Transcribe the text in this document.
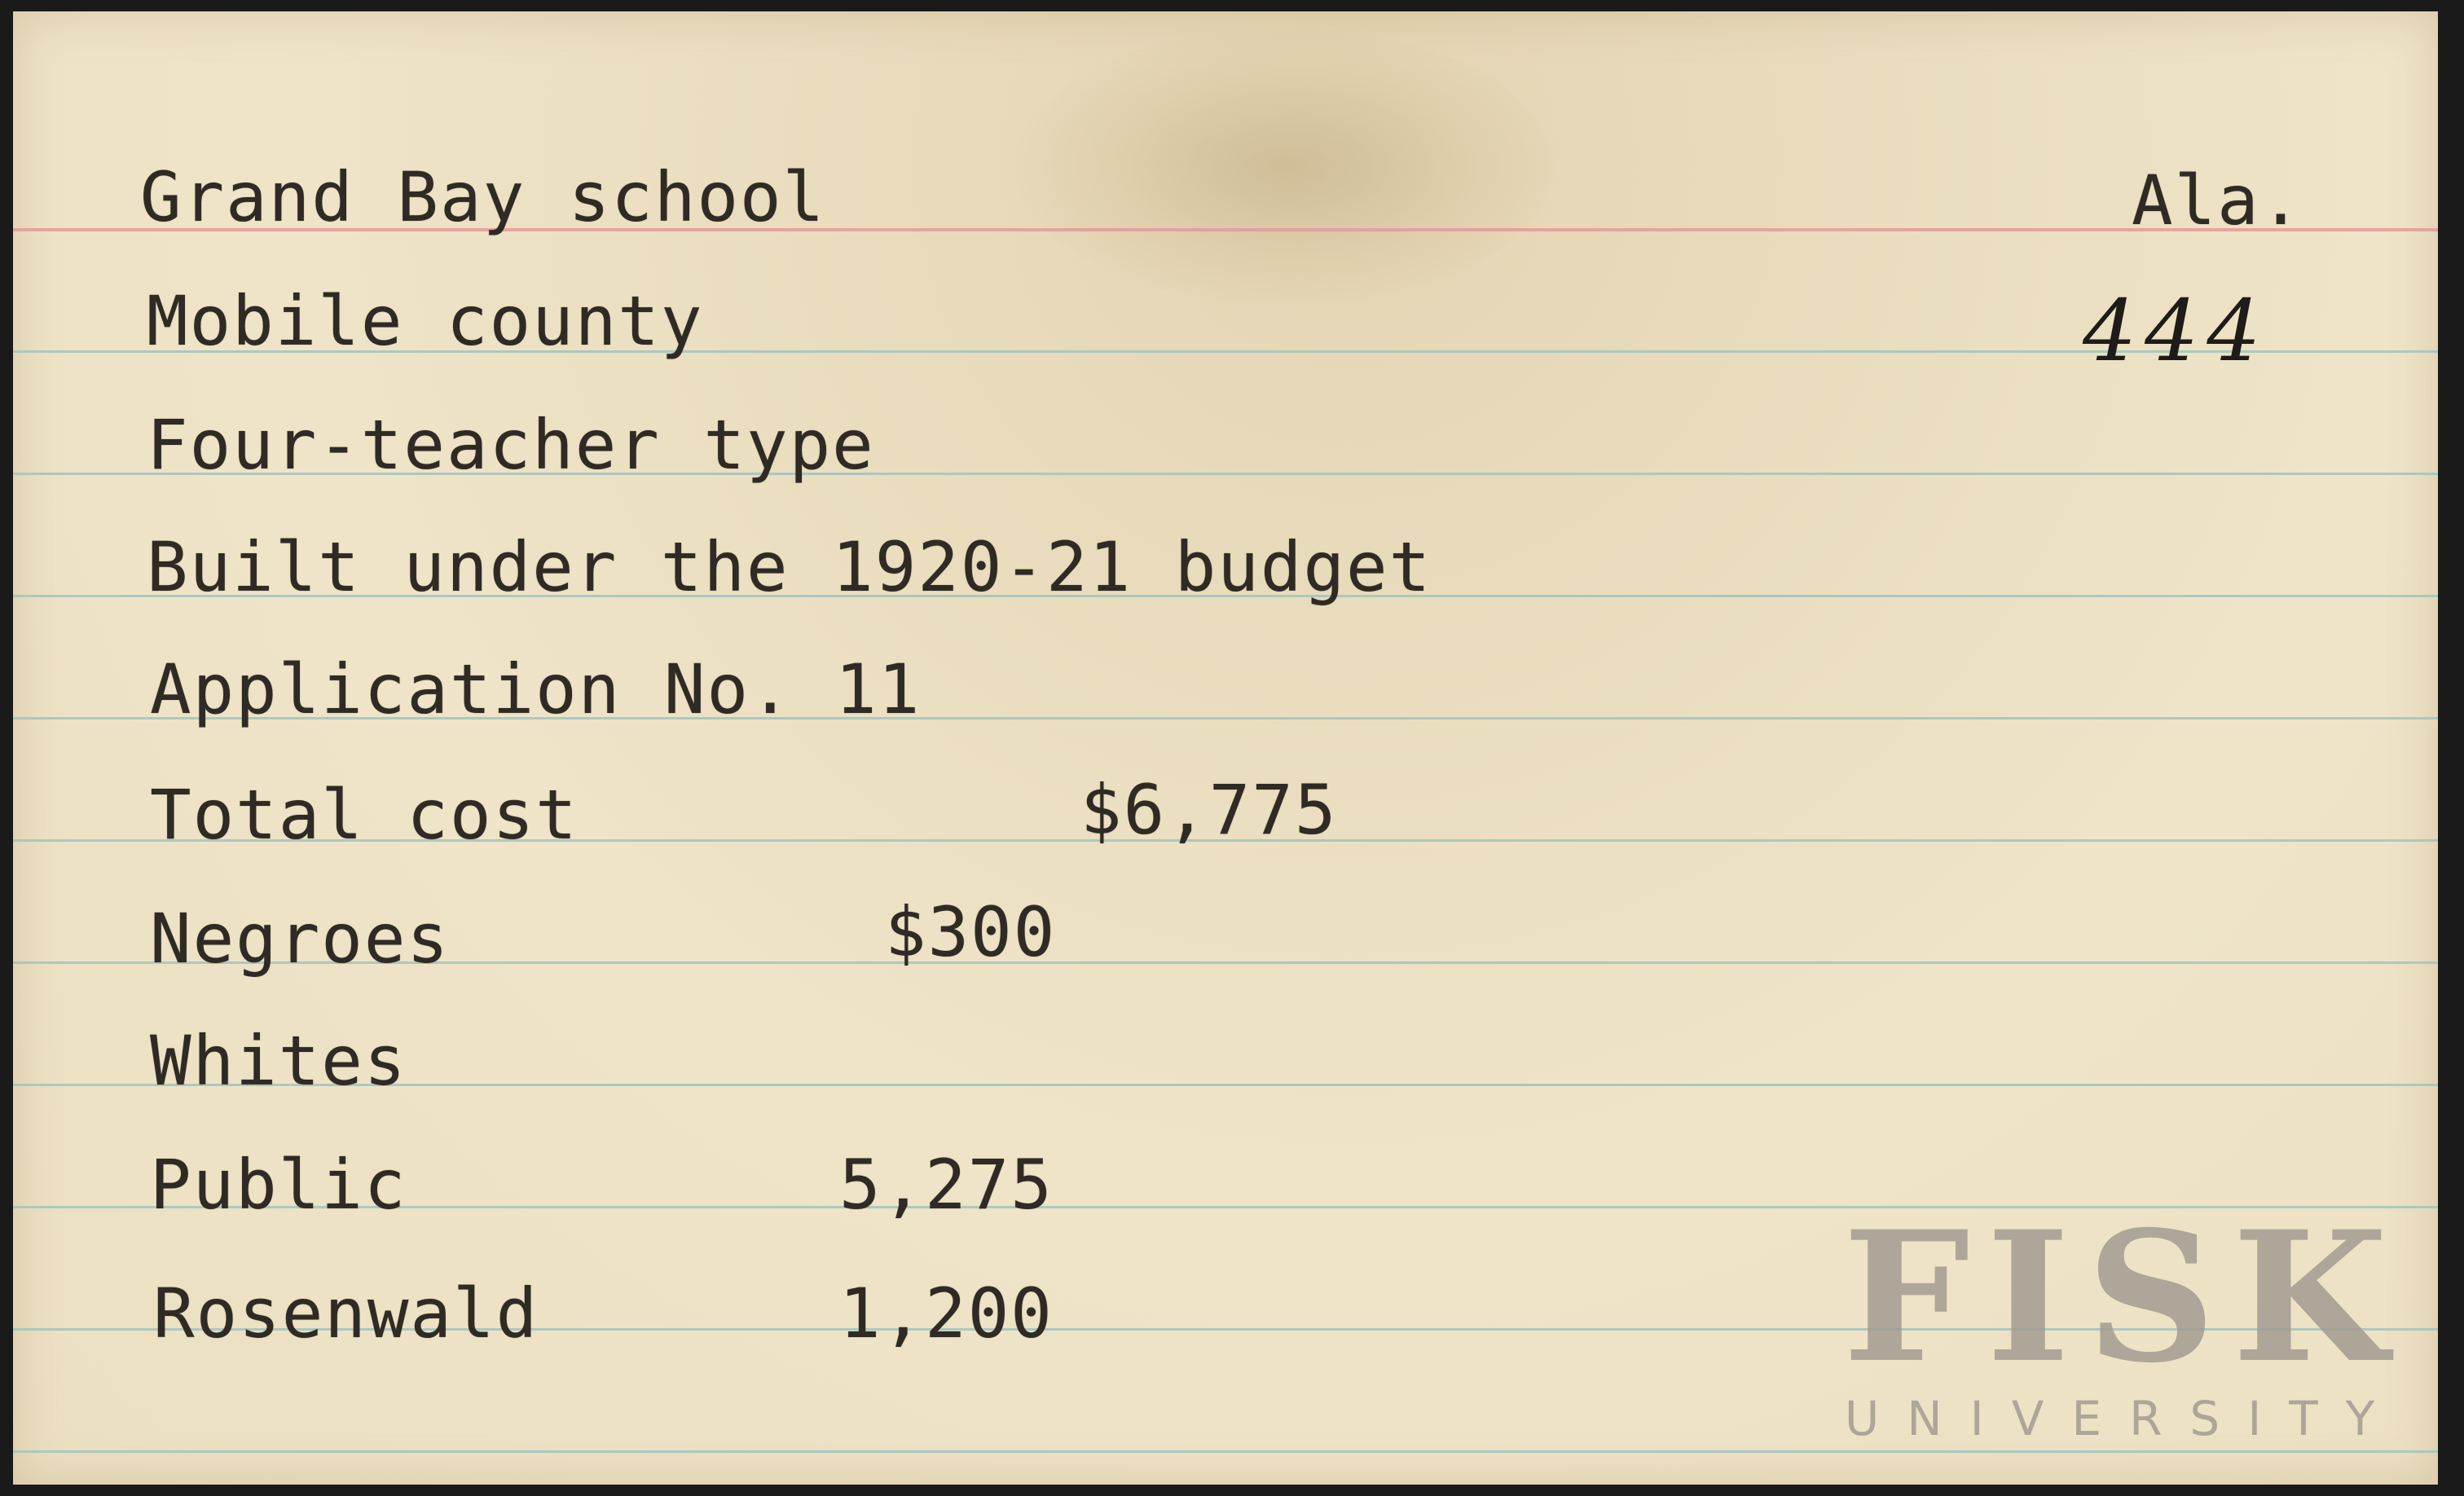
Grand Bay school	Ala.
Mobile county	444
Four-teacher type
Built under the 1920-21 budget
Application No. 11
Total cost	$6,775
Negroes	$300
Whites
Public	5,275
Rosenwald	1,200	FISK
UNIVERSITY
